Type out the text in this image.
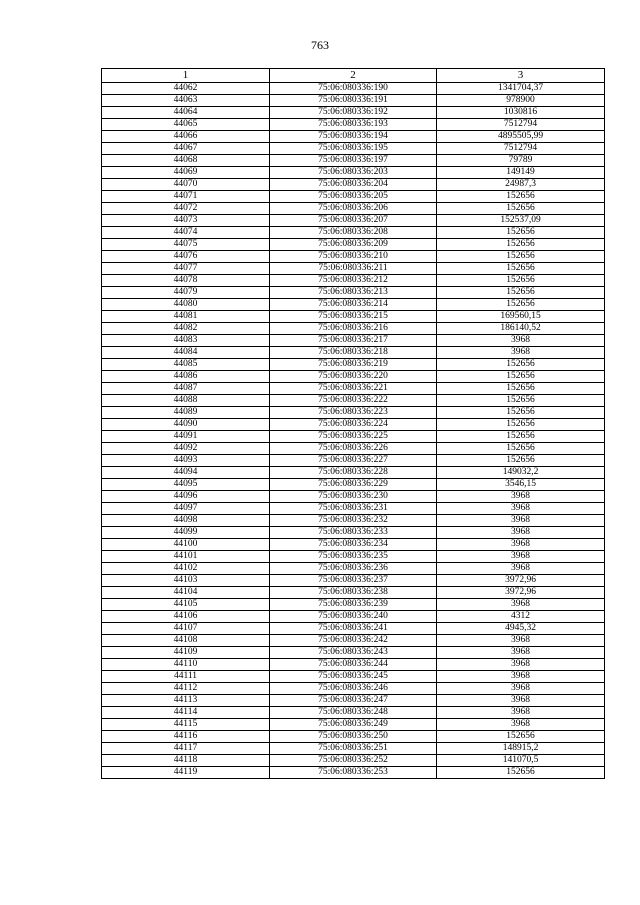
763
1	2	3
44062	75:06:080336:190	1341704,37
44063	75:06:080336:191	978900
44064	75:06:080336:192	1030816
44065	75:06:080336:193	7512794
44066	75:06:080336:194	4895505,99
44067	75:06:080336:195	7512794
44068	75:06:080336:197	79789
44069	75:06:080336:203	149149
44070	75:06:080336:204	24987,3
44071	75:06:080336:205	152656
44072	75:06:080336:206	152656
44073	75:06:080336:207	152537,09
44074	75:06:080336:208	152656
44075	75:06:080336:209	152656
44076	75:06:080336:210	152656
44077	75:06:080336:211	152656
44078	75:06:080336:212	152656
44079	75:06:080336:213	152656
44080	75:06:080336:214	152656
44081	75:06:080336:215	169560,15
44082	75:06:080336:216	186140,52
44083	75:06:080336:217	3968
44084	75:06:080336:218	3968
44085	75:06:080336:219	152656
44086	75:06:080336:220	152656
44087	75:06:080336:221	152656
44088	75:06:080336:222	152656
44089	75:06:080336:223	152656
44090	75:06:080336:224	152656
44091	75:06:080336:225	152656
44092	75:06:080336:226	152656
44093	75:06:080336:227	152656
44094	75:06:080336:228	149032,2
44095	75:06:080336:229	3546,15
44096	75:06:080336:230	3968
44097	75:06:080336:231	3968
44098	75:06:080336:232	3968
44099	75:06:080336:233	3968
44100	75:06:080336:234	3968
44101	75:06:080336:235	3968
44102	75:06:080336:236	3968
44103	75:06:080336:237	3972,96
44104	75:06:080336:238	3972,96
44105	75:06:080336:239	3968
44106	75:06:080336:240	4312
44107	75:06:080336:241	4945,32
44108	75:06:080336:242	3968
44109	75:06:080336:243	3968
44110	75:06:080336:244	3968
44111	75:06:080336:245	3968
44112	75:06:080336:246	3968
44113	75:06:080336:247	3968
44114	75:06:080336:248	3968
44115	75:06:080336:249	3968
44116	75:06:080336:250	152656
44117	75:06:080336:251	148915,2
44118	75:06:080336:252	141070,5
44119	75:06:080336:253	152656
